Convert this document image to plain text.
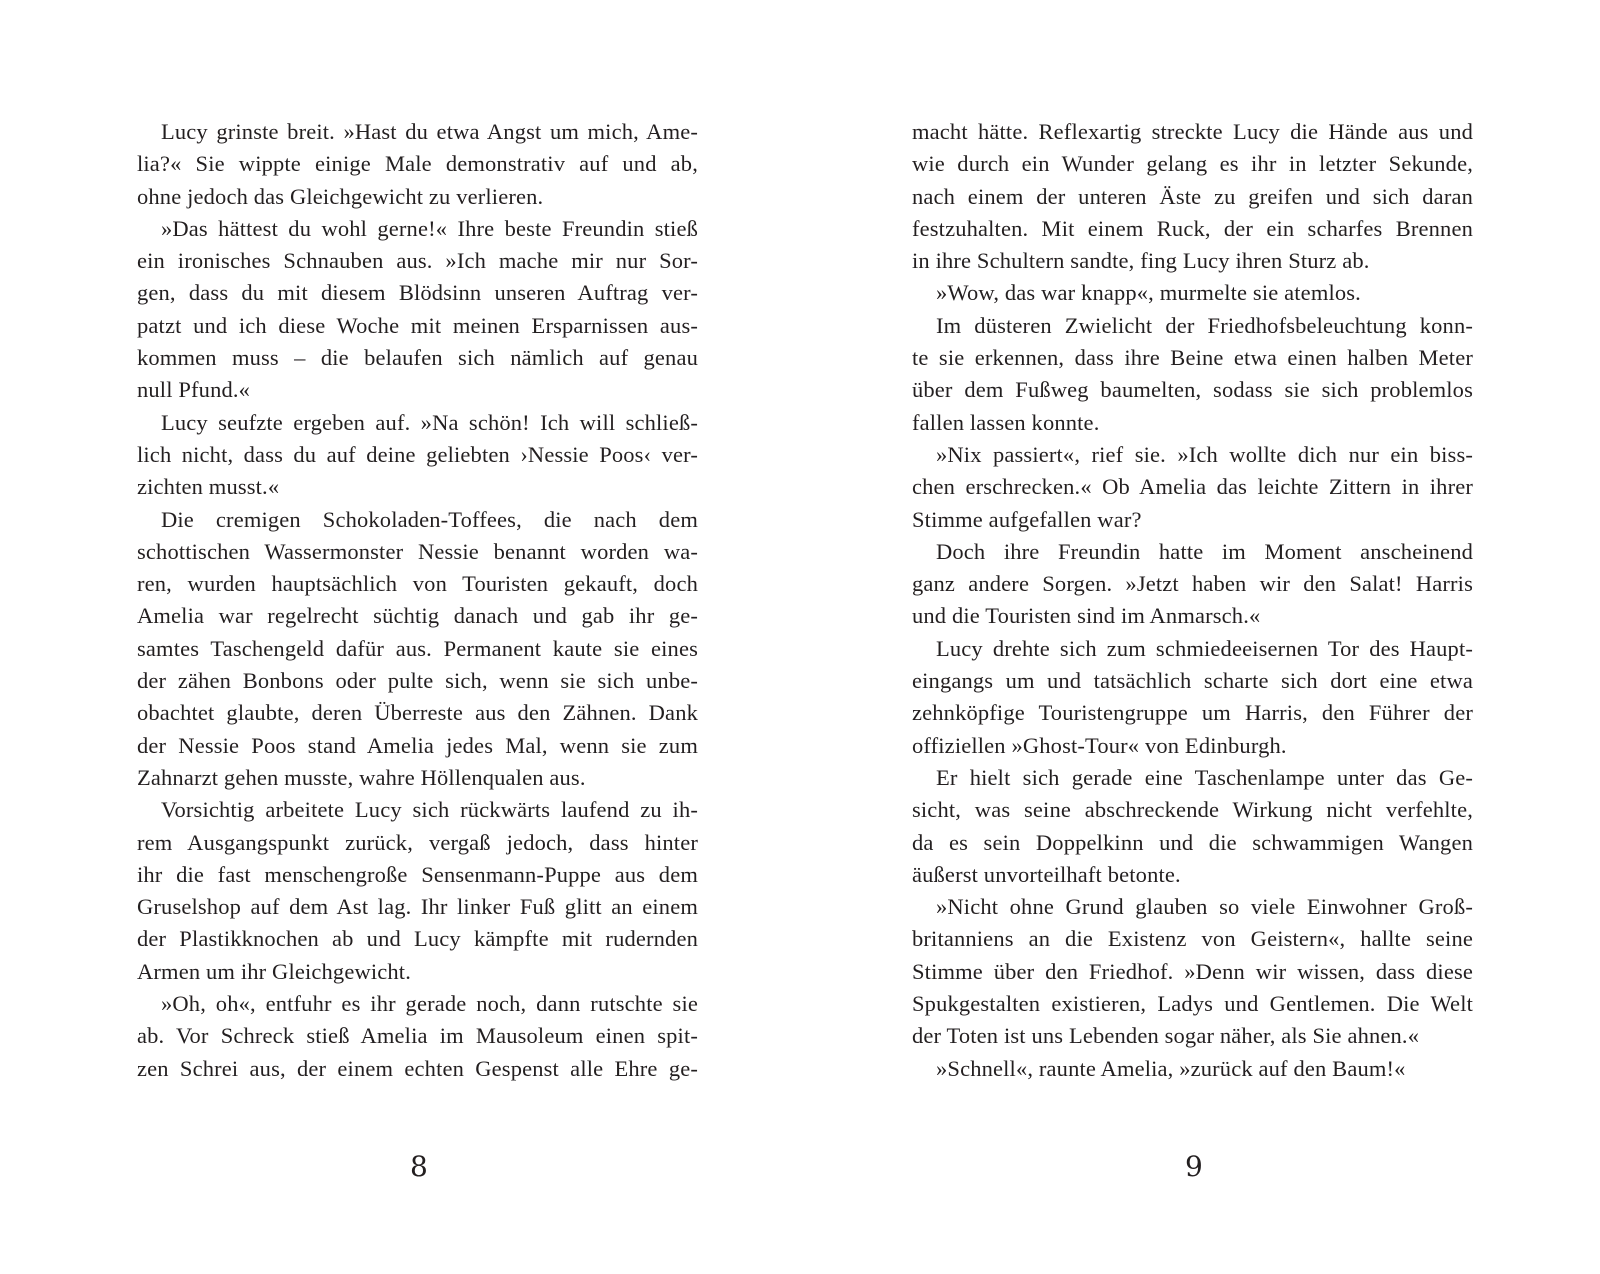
Lucy grinste breit. »Hast du etwa Angst um mich, Ame-
lia?« Sie wippte einige Male demonstrativ auf und ab,
ohne jedoch das Gleichgewicht zu verlieren.
»Das hättest du wohl gerne!« Ihre beste Freundin stieß
ein ironisches Schnauben aus. »Ich mache mir nur Sor-
gen, dass du mit diesem Blödsinn unseren Auftrag ver-
patzt und ich diese Woche mit meinen Ersparnissen aus-
kommen muss – die belaufen sich nämlich auf genau
null Pfund.«
Lucy seufzte ergeben auf. »Na schön! Ich will schließ-
lich nicht, dass du auf deine geliebten ›Nessie Poos‹ ver-
zichten musst.«
Die cremigen Schokoladen-Toffees, die nach dem
schottischen Wassermonster Nessie benannt worden wa-
ren, wurden hauptsächlich von Touristen gekauft, doch
Amelia war regelrecht süchtig danach und gab ihr ge-
samtes Taschengeld dafür aus. Permanent kaute sie eines
der zähen Bonbons oder pulte sich, wenn sie sich unbe-
obachtet glaubte, deren Überreste aus den Zähnen. Dank
der Nessie Poos stand Amelia jedes Mal, wenn sie zum
Zahnarzt gehen musste, wahre Höllenqualen aus.
Vorsichtig arbeitete Lucy sich rückwärts laufend zu ih-
rem Ausgangspunkt zurück, vergaß jedoch, dass hinter
ihr die fast menschengroße Sensenmann-Puppe aus dem
Gruselshop auf dem Ast lag. Ihr linker Fuß glitt an einem
der Plastikknochen ab und Lucy kämpfte mit rudernden
Armen um ihr Gleichgewicht.
»Oh, oh«, entfuhr es ihr gerade noch, dann rutschte sie
ab. Vor Schreck stieß Amelia im Mausoleum einen spit-
zen Schrei aus, der einem echten Gespenst alle Ehre ge-
macht hätte. Reflexartig streckte Lucy die Hände aus und
wie durch ein Wunder gelang es ihr in letzter Sekunde,
nach einem der unteren Äste zu greifen und sich daran
festzuhalten. Mit einem Ruck, der ein scharfes Brennen
in ihre Schultern sandte, fing Lucy ihren Sturz ab.
»Wow, das war knapp«, murmelte sie atemlos.
Im düsteren Zwielicht der Friedhofsbeleuchtung konn-
te sie erkennen, dass ihre Beine etwa einen halben Meter
über dem Fußweg baumelten, sodass sie sich problemlos
fallen lassen konnte.
»Nix passiert«, rief sie. »Ich wollte dich nur ein biss-
chen erschrecken.« Ob Amelia das leichte Zittern in ihrer
Stimme aufgefallen war?
Doch ihre Freundin hatte im Moment anscheinend
ganz andere Sorgen. »Jetzt haben wir den Salat! Harris
und die Touristen sind im Anmarsch.«
Lucy drehte sich zum schmiedeeisernen Tor des Haupt-
eingangs um und tatsächlich scharte sich dort eine etwa
zehnköpfige Touristengruppe um Harris, den Führer der
offiziellen »Ghost-Tour« von Edinburgh.
Er hielt sich gerade eine Taschenlampe unter das Ge-
sicht, was seine abschreckende Wirkung nicht verfehlte,
da es sein Doppelkinn und die schwammigen Wangen
äußerst unvorteilhaft betonte.
»Nicht ohne Grund glauben so viele Einwohner Groß-
britanniens an die Existenz von Geistern«, hallte seine
Stimme über den Friedhof. »Denn wir wissen, dass diese
Spukgestalten existieren, Ladys und Gentlemen. Die Welt
der Toten ist uns Lebenden sogar näher, als Sie ahnen.«
»Schnell«, raunte Amelia, »zurück auf den Baum!«
8	9
